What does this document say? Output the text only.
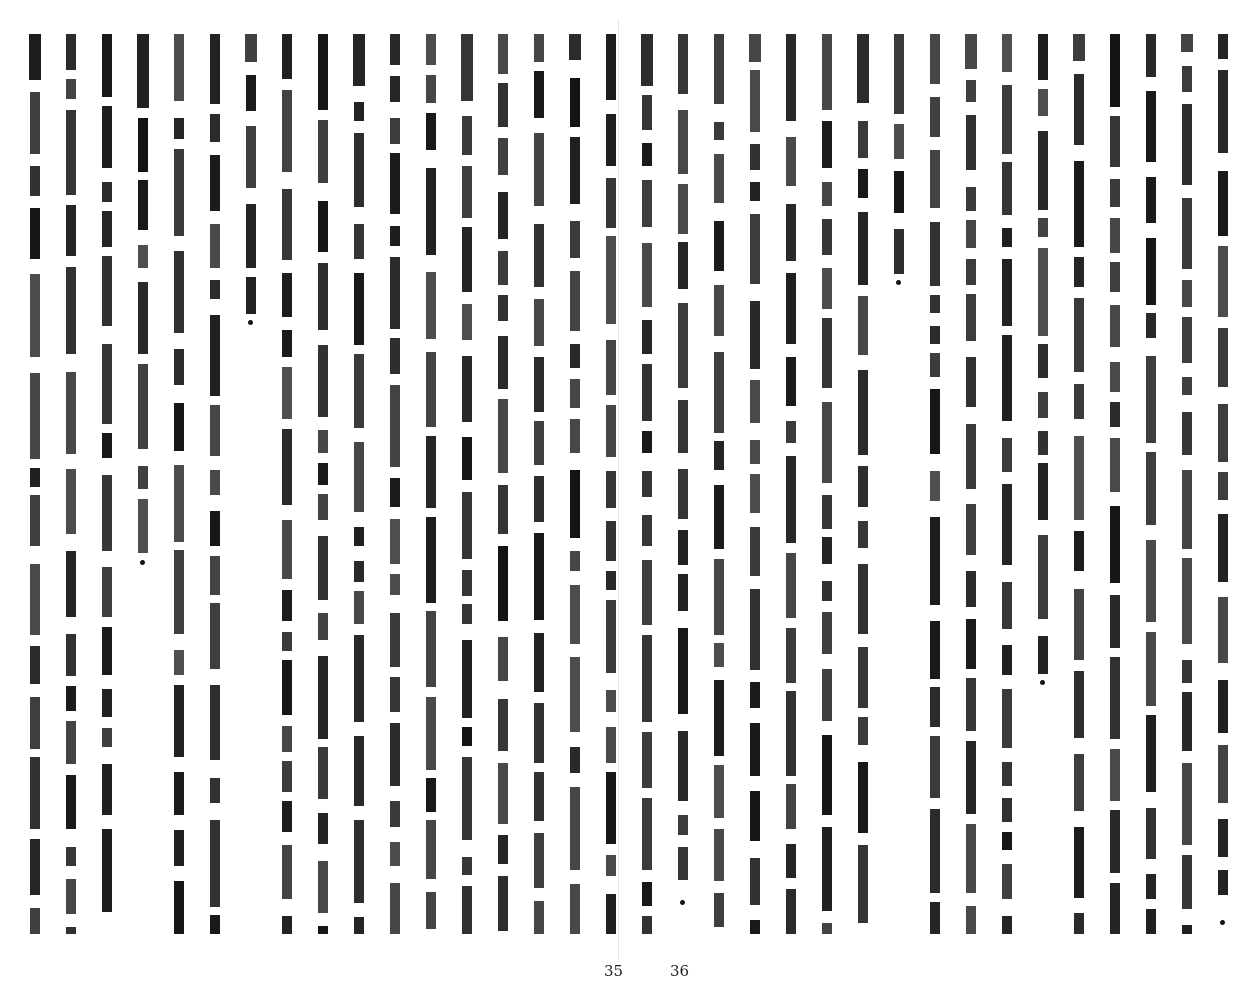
35	36
